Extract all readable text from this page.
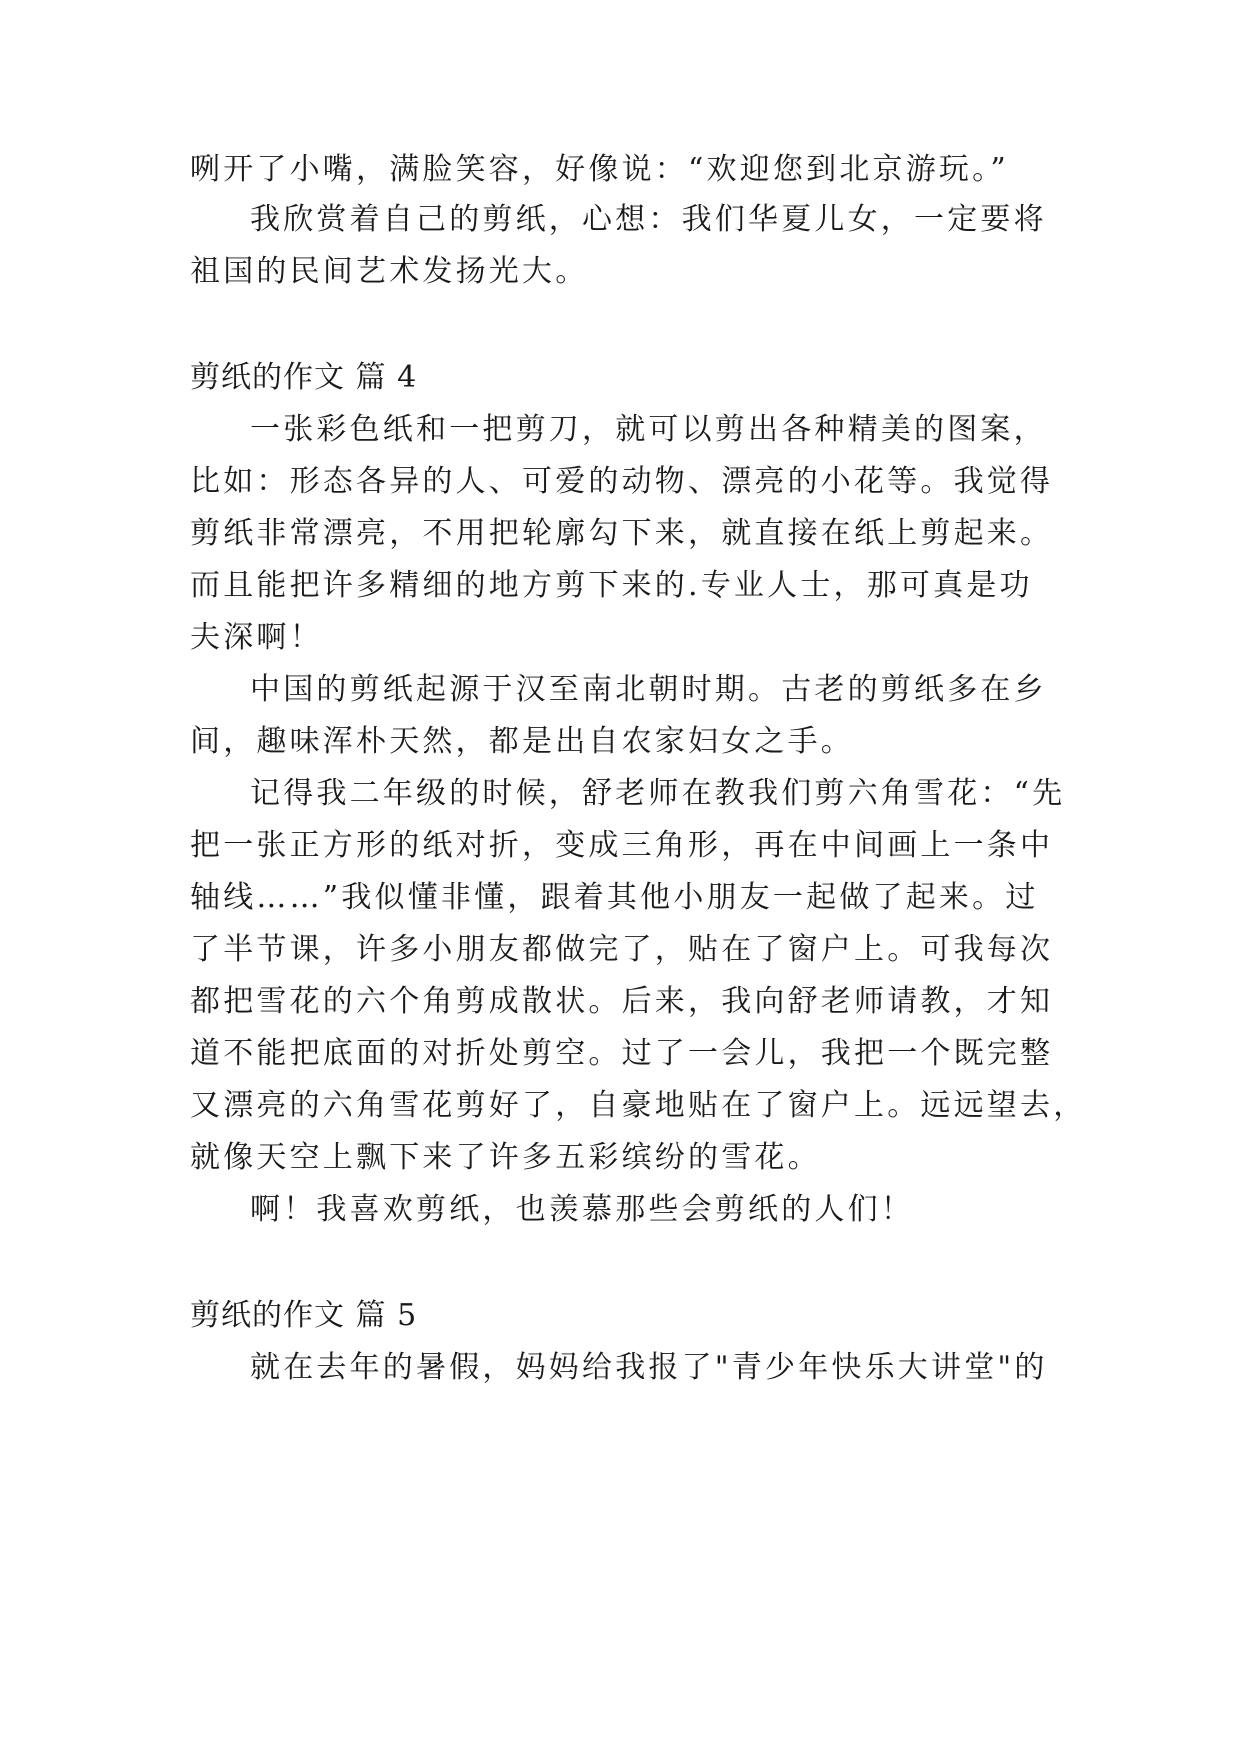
咧开了小嘴，满脸笑容，好像说：“欢迎您到北京游玩。”
我欣赏着自己的剪纸，心想：我们华夏儿女，一定要将
祖国的民间艺术发扬光大。
剪纸的作文 篇 4
一张彩色纸和一把剪刀，就可以剪出各种精美的图案，
比如：形态各异的人、可爱的动物、漂亮的小花等。我觉得
剪纸非常漂亮，不用把轮廓勾下来，就直接在纸上剪起来。
而且能把许多精细的地方剪下来的.专业人士，那可真是功
夫深啊！
中国的剪纸起源于汉至南北朝时期。古老的剪纸多在乡
间，趣味浑朴天然，都是出自农家妇女之手。
记得我二年级的时候，舒老师在教我们剪六角雪花：“先
把一张正方形的纸对折，变成三角形，再在中间画上一条中
轴线……”我似懂非懂，跟着其他小朋友一起做了起来。过
了半节课，许多小朋友都做完了，贴在了窗户上。可我每次
都把雪花的六个角剪成散状。后来，我向舒老师请教，才知
道不能把底面的对折处剪空。过了一会儿，我把一个既完整
又漂亮的六角雪花剪好了，自豪地贴在了窗户上。远远望去，
就像天空上飘下来了许多五彩缤纷的雪花。
啊！我喜欢剪纸，也羡慕那些会剪纸的人们！
剪纸的作文 篇 5
就在去年的暑假，妈妈给我报了"青少年快乐大讲堂"的
